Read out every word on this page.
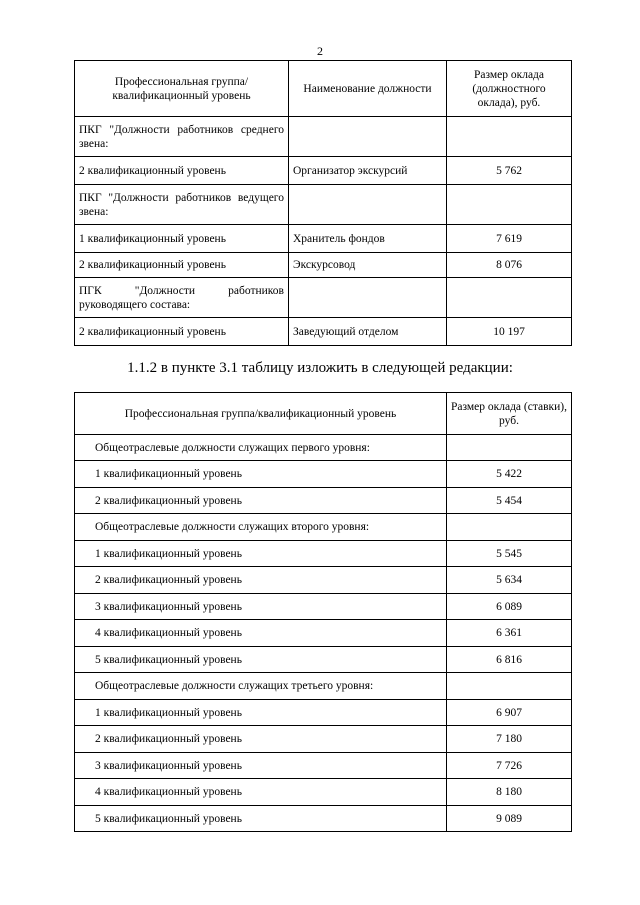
2
Профессиональная группа/квалификационный уровень	Наименование должности	Размер оклада (должностного оклада), руб.
ПКГ "Должности работников среднего звена:		
2 квалификационный уровень	Организатор экскурсий	5 762
ПКГ "Должности работников ведущего звена:		
1 квалификационный уровень	Хранитель фондов	7 619
2 квалификационный уровень	Экскурсовод	8 076
ПГК "Должности работников руководящего состава:		
2 квалификационный уровень	Заведующий отделом	10 197
1.1.2 в пункте 3.1 таблицу изложить в следующей редакции:
Профессиональная группа/квалификационный уровень	Размер оклада (ставки), руб.
Общеотраслевые должности служащих первого уровня:	
1 квалификационный уровень	5 422
2 квалификационный уровень	5 454
Общеотраслевые должности служащих второго уровня:	
1 квалификационный уровень	5 545
2 квалификационный уровень	5 634
3 квалификационный уровень	6 089
4 квалификационный уровень	6 361
5 квалификационный уровень	6 816
Общеотраслевые должности служащих третьего уровня:	
1 квалификационный уровень	6 907
2 квалификационный уровень	7 180
3 квалификационный уровень	7 726
4 квалификационный уровень	8 180
5 квалификационный уровень	9 089
